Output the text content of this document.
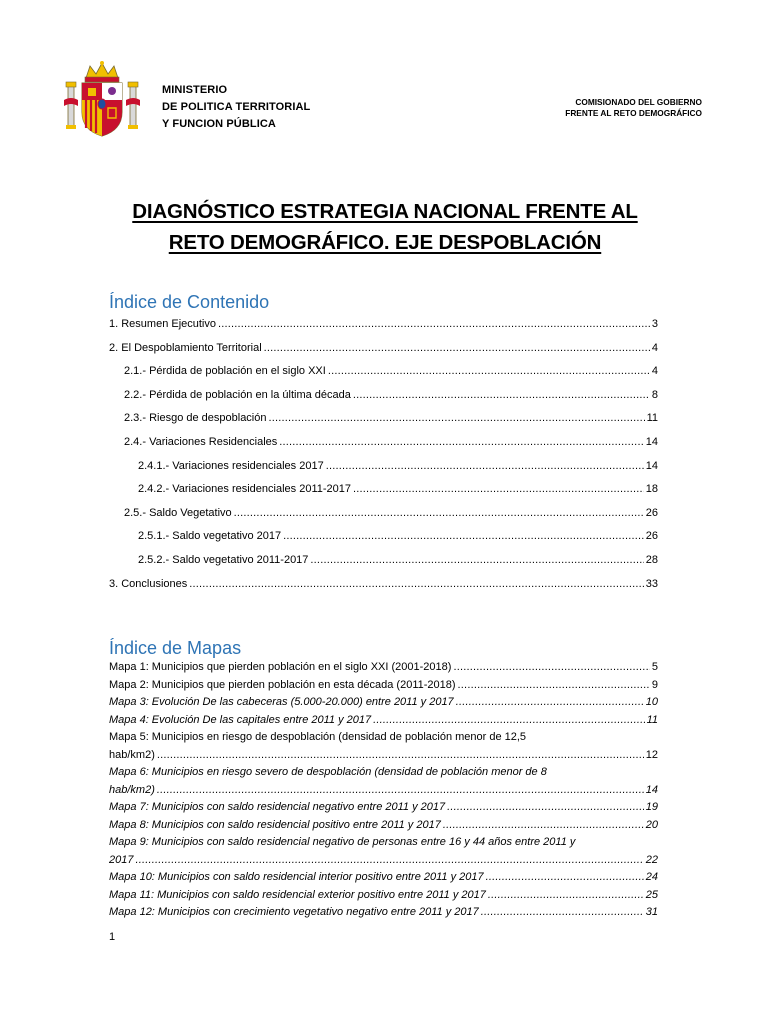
MINISTERIO
DE POLITICA TERRITORIAL
Y FUNCION PÚBLICA
COMISIONADO DEL GOBIERNO
FRENTE AL RETO DEMOGRÁFICO
DIAGNÓSTICO ESTRATEGIA NACIONAL FRENTE AL
RETO DEMOGRÁFICO. EJE DESPOBLACIÓN
Índice de Contenido
1. Resumen Ejecutivo .....	3
2. El Despoblamiento Territorial .....	4
2.1.- Pérdida de población en el siglo XXI .....	4
2.2.- Pérdida de población en la última década .....	8
2.3.- Riesgo de despoblación .....	11
2.4.- Variaciones Residenciales .....	14
2.4.1.- Variaciones residenciales 2017 .....	14
2.4.2.- Variaciones residenciales 2011-2017 .....	18
2.5.- Saldo Vegetativo .....	26
2.5.1.- Saldo vegetativo 2017 .....	26
2.5.2.- Saldo vegetativo 2011-2017 .....	28
3. Conclusiones .....	33
Índice de Mapas
Mapa 1: Municipios que pierden población en el siglo XXI (2001-2018) .....	5
Mapa 2: Municipios que pierden población en esta década (2011-2018) .....	9
Mapa 3: Evolución De las cabeceras (5.000-20.000) entre 2011 y 2017 .....	10
Mapa 4: Evolución De las capitales entre 2011 y 2017 .....	11
Mapa 5: Municipios en riesgo de despoblación (densidad de población menor de 12,5
hab/km2) .....	12
Mapa 6: Municipios en riesgo severo de despoblación (densidad de población menor de 8
hab/km2) .....	14
Mapa 7: Municipios con saldo residencial negativo entre 2011 y 2017 .....	19
Mapa 8: Municipios con saldo residencial positivo entre 2011 y 2017 .....	20
Mapa 9: Municipios con saldo residencial negativo de personas entre 16 y 44 años entre 2011 y
2017 .....	22
Mapa 10: Municipios con saldo residencial interior positivo entre 2011 y 2017 .....	24
Mapa 11: Municipios con saldo residencial exterior positivo entre 2011 y 2017 .....	25
Mapa 12: Municipios con crecimiento vegetativo negativo entre 2011 y 2017 .....	31
1
